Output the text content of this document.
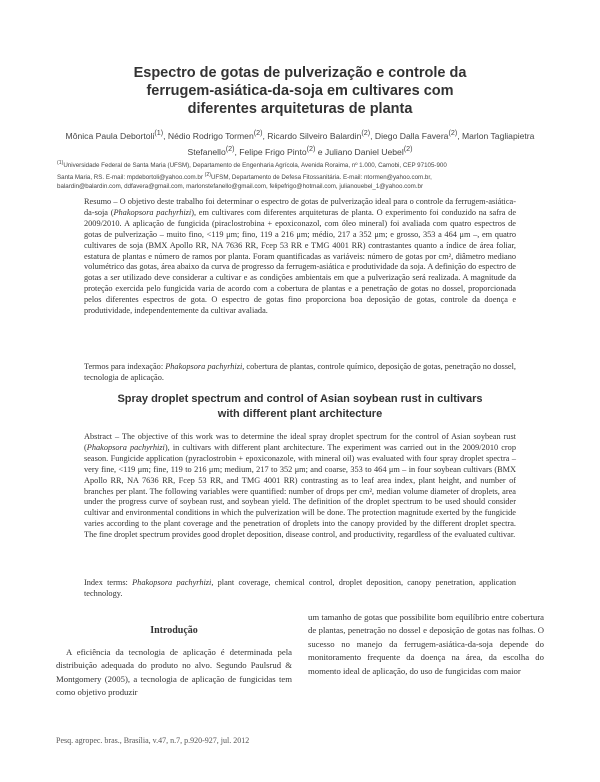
Espectro de gotas de pulverização e controle da
ferrugem-asiática-da-soja em cultivares com
diferentes arquiteturas de planta
Mônica Paula Debortoli$^{(1)}$, Nédio Rodrigo Tormen$^{(2)}$, Ricardo Silveiro Balardin$^{(2)}$, Diego Dalla Favera$^{(2)}$, Marlon Tagliapietra Stefanello$^{(2)}$, Felipe Frigo Pinto$^{(2)}$ e Juliano Daniel Uebel$^{(2)}$
$^{(1)}$Universidade Federal de Santa Maria (UFSM), Departamento de Engenharia Agrícola, Avenida Roraima, nº 1.000, Camobi, CEP 97105-900
Santa Maria, RS. E-mail: mpdebortoli@yahoo.com.br $^{(2)}$UFSM, Departamento de Defesa Fitossanitária. E-mail: ntormen@yahoo.com.br,
balardin@balardin.com, ddfavera@gmail.com, marlonstefanello@gmail.com, felipefrigo@hotmail.com, julianouebel_1@yahoo.com.br

Resumo – O objetivo deste trabalho foi determinar o espectro de gotas de pulverização ideal para o controle da ferrugem-asiática-da-soja (Phakopsora pachyrhizi), em cultivares com diferentes arquiteturas de planta. O experimento foi conduzido na safra de 2009/2010. A aplicação de fungicida (piraclostrobina + epoxiconazol, com óleo mineral) foi avaliada com quatro espectros de gotas de pulverização – muito fino, <119 μm; fino, 119 a 216 μm; médio, 217 a 352 μm; e grosso, 353 a 464 μm –, em quatro cultivares de soja (BMX Apollo RR, NA 7636 RR, Fcep 53 RR e TMG 4001 RR) contrastantes quanto a índice de área foliar, estatura de plantas e número de ramos por planta. Foram quantificadas as variáveis: número de gotas por cm², diâmetro mediano volumétrico das gotas, área abaixo da curva de progresso da ferrugem-asiática e produtividade da soja. A definição do espectro de gotas a ser utilizado deve considerar a cultivar e as condições ambientais em que a pulverização será realizada. A magnitude da proteção exercida pelo fungicida varia de acordo com a cobertura de plantas e a penetração de gotas no dossel, proporcionada pelos diferentes espectros de gota. O espectro de gotas fino proporciona boa deposição de gotas, controle da doença e produtividade, independentemente da cultivar avaliada.

Termos para indexação: Phakopsora pachyrhizi, cobertura de plantas, controle químico, deposição de gotas, penetração no dossel, tecnologia de aplicação.

Spray droplet spectrum and control of Asian soybean rust in cultivars
with different plant architecture

Abstract – The objective of this work was to determine the ideal spray droplet spectrum for the control of Asian soybean rust (Phakopsora pachyrhizi), in cultivars with different plant architecture. The experiment was carried out in the 2009/2010 crop season. Fungicide application (pyraclostrobin + epoxiconazole, with mineral oil) was evaluated with four spray droplet spectra – very fine, <119 μm; fine, 119 to 216 μm; medium, 217 to 352 μm; and coarse, 353 to 464 μm – in four soybean cultivars (BMX Apollo RR, NA 7636 RR, Fcep 53 RR, and TMG 4001 RR) contrasting as to leaf area index, plant height, and number of branches per plant. The following variables were quantified: number of drops per cm², median volume diameter of droplets, area under the progress curve of soybean rust, and soybean yield. The definition of the droplet spectrum to be used should consider cultivar and environmental conditions in which the pulverization will be done. The protection magnitude exerted by the fungicide varies according to the plant coverage and the penetration of droplets into the canopy provided by the different droplet spectra. The fine droplet spectrum provides good droplet deposition, disease control, and productivity, regardless of the evaluated cultivar.

Index terms: Phakopsora pachyrhizi, plant coverage, chemical control, droplet deposition, canopy penetration, application technology.

Introdução

A eficiência da tecnologia de aplicação é determinada pela distribuição adequada do produto no alvo. Segundo Paulsrud & Montgomery (2005), a tecnologia de aplicação de fungicidas tem como objetivo produzir

um tamanho de gotas que possibilite bom equilíbrio entre cobertura de plantas, penetração no dossel e deposição de gotas nas folhas. O sucesso no manejo da ferrugem-asiática-da-soja depende do monitoramento frequente da doença na área, da escolha do momento ideal de aplicação, do uso de fungicidas com maior

Pesq. agropec. bras., Brasília, v.47, n.7, p.920-927, jul. 2012
